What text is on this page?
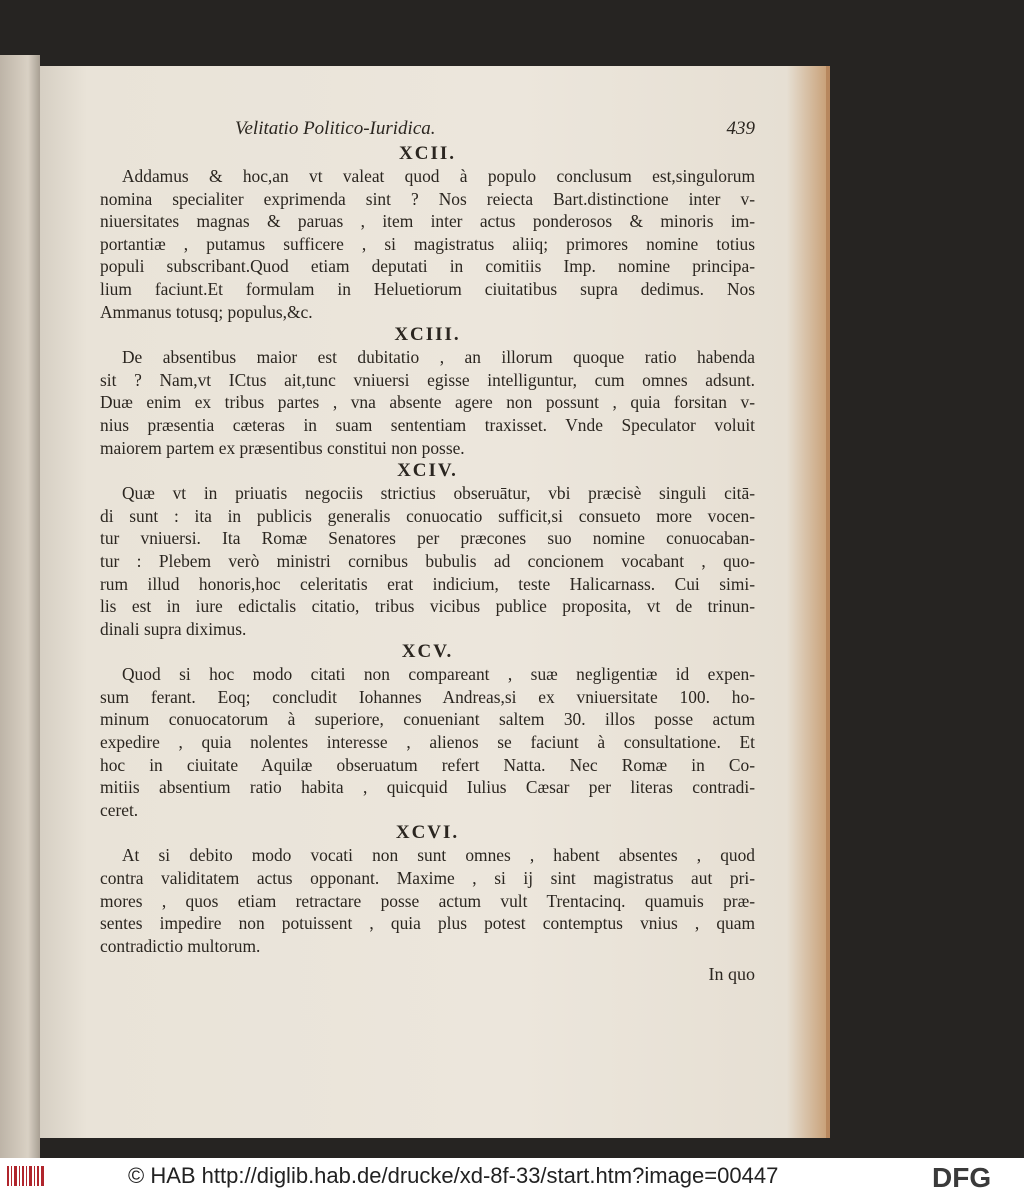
Velitatio Politico-Iuridica.	439
XCII.

Addamus & hoc,an vt valeat quod à populo conclusum est,singulorum
nomina specialiter exprimenda sint ? Nos reiecta Bart.distinctione inter v-
niuersitates magnas & paruas , item inter actus ponderosos & minoris im-
portantiæ , putamus sufficere , si magistratus aliiq; primores nomine totius
populi subscribant.Quod etiam deputati in comitiis Imp. nomine principa-
lium faciunt.Et formulam in Heluetiorum ciuitatibus supra dedimus. Nos
Ammanus totusq; populus,&c.

XCIII.

De absentibus maior est dubitatio , an illorum quoque ratio habenda
sit ? Nam,vt ICtus ait,tunc vniuersi egisse intelliguntur, cum omnes adsunt.
Duæ enim ex tribus partes , vna absente agere non possunt , quia forsitan v-
nius præsentia cæteras in suam sententiam traxisset. Vnde Speculator voluit
maiorem partem ex præsentibus constitui non posse.

XCIV.

Quæ vt in priuatis negociis strictius obseruātur, vbi præcisè singuli citā-
di sunt : ita in publicis generalis conuocatio sufficit,si consueto more vocen-
tur vniuersi. Ita Romæ Senatores per præcones suo nomine conuocaban-
tur : Plebem verò ministri cornibus bubulis ad concionem vocabant , quo-
rum illud honoris,hoc celeritatis erat indicium, teste Halicarnass. Cui simi-
lis est in iure edictalis citatio, tribus vicibus publice proposita, vt de trinun-
dinali supra diximus.

XCV.

Quod si hoc modo citati non compareant , suæ negligentiæ id expen-
sum ferant. Eoq; concludit Iohannes Andreas,si ex vniuersitate 100. ho-
minum conuocatorum à superiore, conueniant saltem 30. illos posse actum
expedire , quia nolentes interesse , alienos se faciunt à consultatione. Et
hoc in ciuitate Aquilæ obseruatum refert Natta. Nec Romæ in Co-
mitiis absentium ratio habita , quicquid Iulius Cæsar per literas contradi-
ceret.

XCVI.

At si debito modo vocati non sunt omnes , habent absentes , quod
contra validitatem actus opponant. Maxime , si ij sint magistratus aut pri-
mores , quos etiam retractare posse actum vult Trentacinq. quamuis præ-
sentes impedire non potuissent , quia plus potest contemptus vnius , quam
contradictio multorum.

In quo
© HAB http://diglib.hab.de/drucke/xd-8f-33/start.htm?image=00447	DFG
